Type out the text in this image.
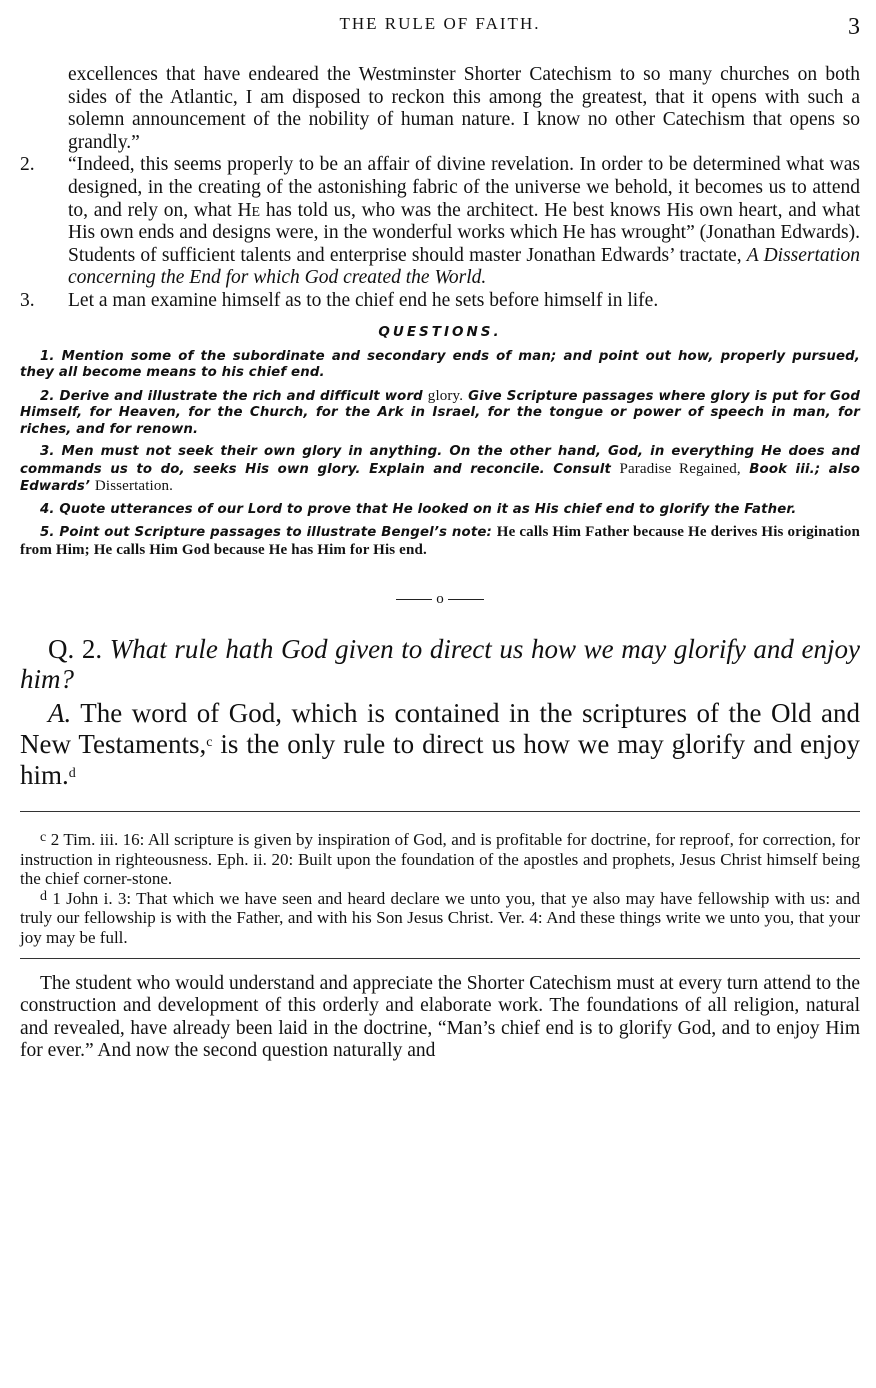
THE RULE OF FAITH.	3
excellences that have endeared the Westminster Shorter Catechism to so many churches on both sides of the Atlantic, I am disposed to reckon this among the greatest, that it opens with such a solemn announcement of the nobility of human nature. I know no other Catechism that opens so grandly.”
2.	“Indeed, this seems properly to be an affair of divine revelation. In order to be determined what was designed, in the creating of the astonishing fabric of the universe we behold, it becomes us to attend to, and rely on, what He has told us, who was the architect. He best knows His own heart, and what His own ends and designs were, in the wonderful works which He has wrought” (Jonathan Edwards). Students of sufficient talents and enterprise should master Jonathan Edwards’ tractate, A Dissertation concerning the End for which God created the World.
3.	Let a man examine himself as to the chief end he sets before himself in life.
QUESTIONS.
1. Mention some of the subordinate and secondary ends of man; and point out how, properly pursued, they all become means to his chief end.
2. Derive and illustrate the rich and difficult word glory. Give Scripture passages where glory is put for God Himself, for Heaven, for the Church, for the Ark in Israel, for the tongue or power of speech in man, for riches, and for renown.
3. Men must not seek their own glory in anything. On the other hand, God, in everything He does and commands us to do, seeks His own glory. Explain and reconcile. Consult Paradise Regained, Book iii.; also Edwards’ Dissertation.
4. Quote utterances of our Lord to prove that He looked on it as His chief end to glorify the Father.
5. Point out Scripture passages to illustrate Bengel’s note: He calls Him Father because He derives His origination from Him; He calls Him God because He has Him for His end.
o
Q. 2. What rule hath God given to direct us how we may glorify and enjoy him?
A. The word of God, which is contained in the scriptures of the Old and New Testaments,$^c$ is the only rule to direct us how we may glorify and enjoy him.$^d$
$^c$ 2 Tim. iii. 16: All scripture is given by inspiration of God, and is profitable for doctrine, for reproof, for correction, for instruction in righteousness. Eph. ii. 20: Built upon the foundation of the apostles and prophets, Jesus Christ himself being the chief corner-stone.
$^d$ 1 John i. 3: That which we have seen and heard declare we unto you, that ye also may have fellowship with us: and truly our fellowship is with the Father, and with his Son Jesus Christ. Ver. 4: And these things write we unto you, that your joy may be full.
The student who would understand and appreciate the Shorter Catechism must at every turn attend to the construction and development of this orderly and elaborate work. The foundations of all religion, natural and revealed, have already been laid in the doctrine, “Man’s chief end is to glorify God, and to enjoy Him for ever.” And now the second question naturally and
